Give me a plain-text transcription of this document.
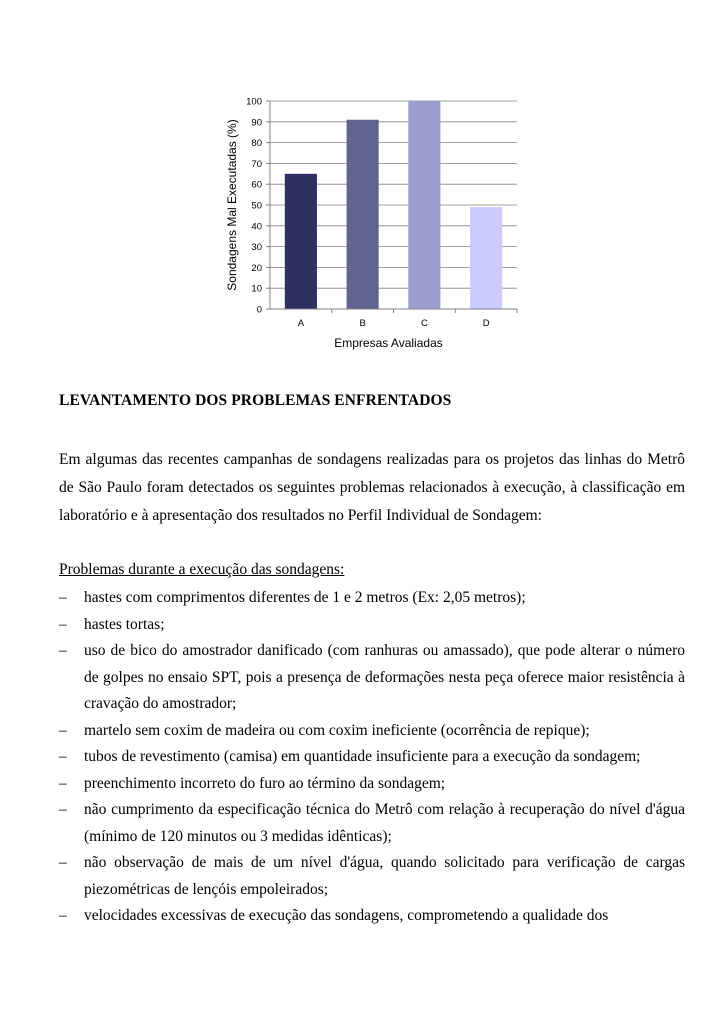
0
10
20
30
40
50
60
70
80
90
100
A	B	C	D
Empresas Avaliadas
Sondagens Mal Executadas (%)
LEVANTAMENTO DOS PROBLEMAS ENFRENTADOS

Em algumas das recentes campanhas de sondagens realizadas para os projetos das linhas do Metrô de São Paulo foram detectados os seguintes problemas relacionados à execução, à classificação em laboratório e à apresentação dos resultados no Perfil Individual de Sondagem:

Problemas durante a execução das sondagens:

– hastes com comprimentos diferentes de 1 e 2 metros (Ex: 2,05 metros);
– hastes tortas;
– uso de bico do amostrador danificado (com ranhuras ou amassado), que pode alterar o número de golpes no ensaio SPT, pois a presença de deformações nesta peça oferece maior resistência à cravação do amostrador;
– martelo sem coxim de madeira ou com coxim ineficiente (ocorrência de repique);
– tubos de revestimento (camisa) em quantidade insuficiente para a execução da sondagem;
– preenchimento incorreto do furo ao término da sondagem;
– não cumprimento da especificação técnica do Metrô com relação à recuperação do nível d'água (mínimo de 120 minutos ou 3 medidas idênticas);
– não observação de mais de um nível d'água, quando solicitado para verificação de cargas piezométricas de lençóis empoleirados;
– velocidades excessivas de execução das sondagens, comprometendo a qualidade dos
